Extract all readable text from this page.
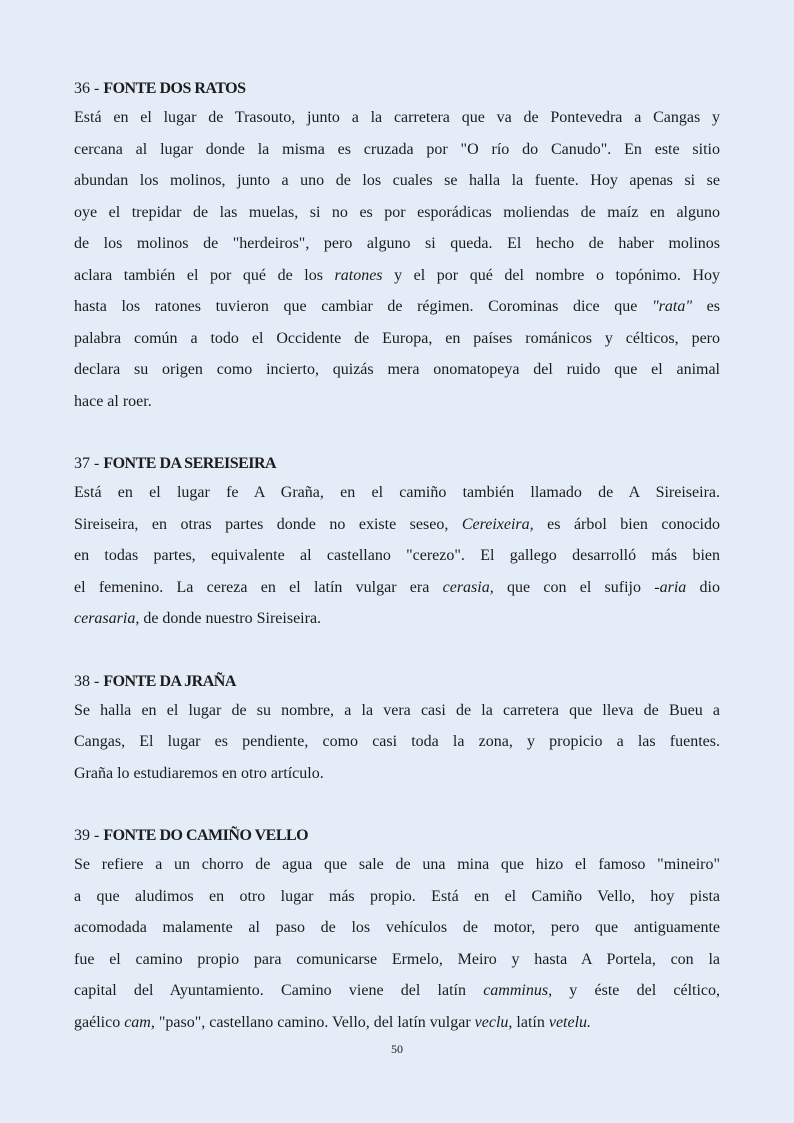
36 - FONTE DOS RATOS
Está en el lugar de Trasouto, junto a la carretera que va de Pontevedra a Cangas y
cercana al lugar donde la misma es cruzada por "O río do Canudo". En este sitio
abundan los molinos, junto a uno de los cuales se halla la fuente. Hoy apenas si se
oye el trepidar de las muelas, si no es por esporádicas moliendas de maíz en alguno
de los molinos de "herdeiros", pero alguno si queda. El hecho de haber molinos
aclara también el por qué de los ratones y el por qué del nombre o topónimo. Hoy
hasta los ratones tuvieron que cambiar de régimen. Corominas dice que "rata" es
palabra común a todo el Occidente de Europa, en países románicos y célticos, pero
declara su origen como incierto, quizás mera onomatopeya del ruido que el animal
hace al roer.
37 - FONTE DA SEREISEIRA
Está en el lugar fe A Graña, en el camiño también llamado de A Sireiseira.
Sireiseira, en otras partes donde no existe seseo, Cereixeira, es árbol bien conocido
en todas partes, equivalente al castellano "cerezo". El gallego desarrolló más bien
el femenino. La cereza en el latín vulgar era cerasia, que con el sufijo -aria dio
cerasaria, de donde nuestro Sireiseira.
38 - FONTE DA JRAÑA
Se halla en el lugar de su nombre, a la vera casi de la carretera que lleva de Bueu a
Cangas, El lugar es pendiente, como casi toda la zona, y propicio a las fuentes.
Graña lo estudiaremos en otro artículo.
39 - FONTE DO CAMIÑO VELLO
Se refiere a un chorro de agua que sale de una mina que hizo el famoso "mineiro"
a que aludimos en otro lugar más propio. Está en el Camiño Vello, hoy pista
acomodada malamente al paso de los vehículos de motor, pero que antiguamente
fue el camino propio para comunicarse Ermelo, Meiro y hasta A Portela, con la
capital del Ayuntamiento. Camino viene del latín camminus, y éste del céltico,
gaélico cam, "paso", castellano camino. Vello, del latín vulgar veclu, latín vetelu.
50
